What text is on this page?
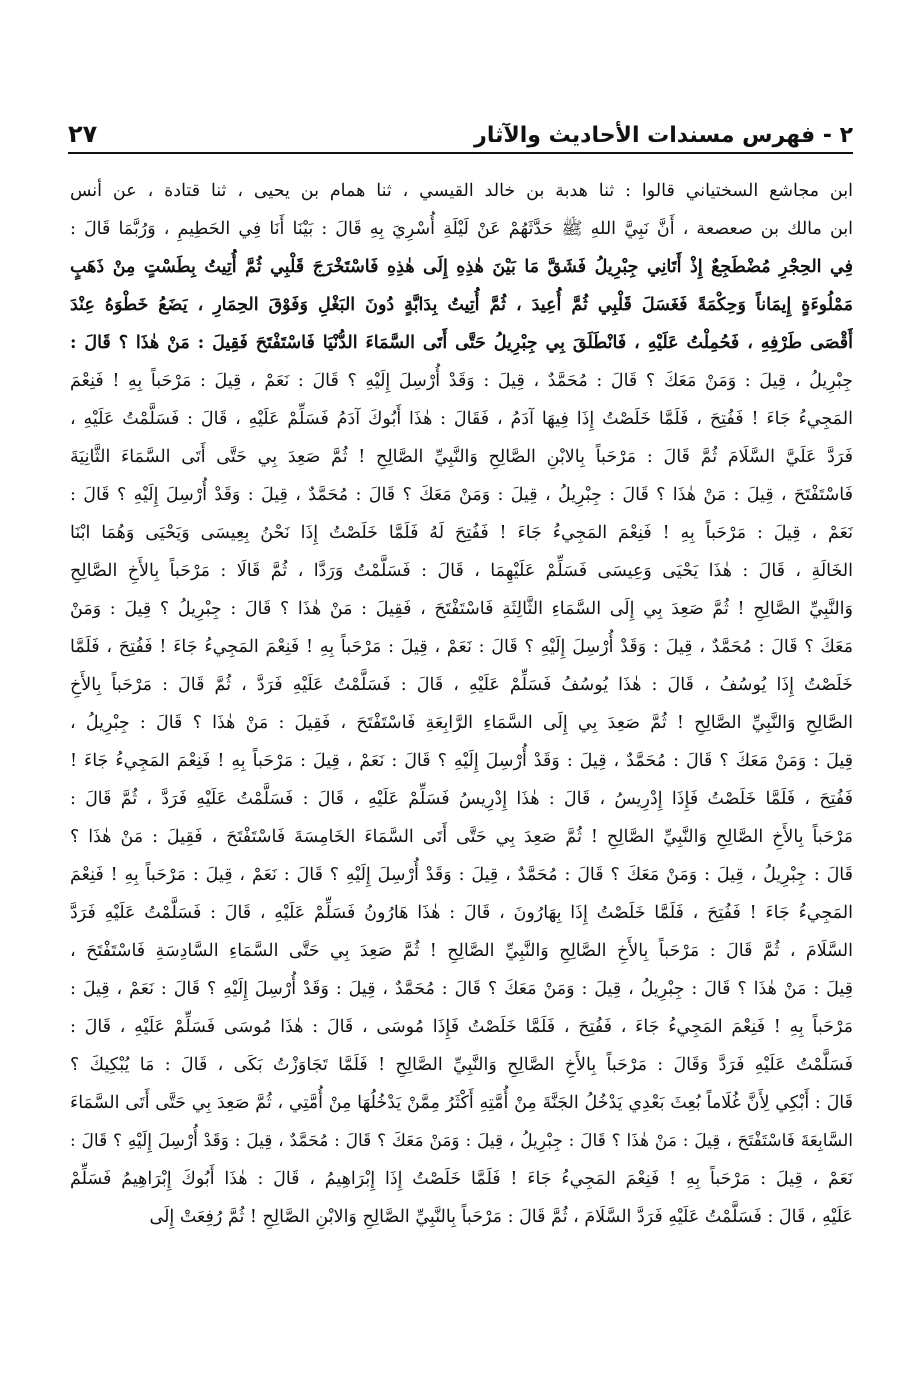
٢ - فهرس مسندات الأحاديث والآثار
٢٧
ابن مجاشع السختياني قالوا : ثنا هدبة بن خالد القيسي ، ثنا همام بن يحيى ، ثنا قتادة ، عن أنس
ابن مالك بن صعصعة ، أَنَّ نَبِيَّ اللهِ ﷺ حَدَّثَهُمْ عَنْ لَيْلَةِ أُسْرِيَ بِهِ قَالَ : بَيْنَا أَنَا فِي الحَطِيمِ ، وَرُبَّمَا قَالَ :
فِي الحِجْرِ مُضْطَجِعٌ إِذْ أَتَانِي جِبْرِيلُ فَشَقَّ مَا بَيْنَ هٰذِهِ إِلَى هٰذِهِ فَاسْتَخْرَجَ قَلْبِي ثُمَّ أُتِيتُ بِطَسْتٍ مِنْ ذَهَبٍ
مَمْلُوءَةٍ إِيمَاناً وَحِكْمَةً فَغَسَلَ قَلْبِي ثُمَّ أُعِيدَ ، ثُمَّ أُتِيتُ بِدَابَّةٍ دُونَ البَغْلِ وَفَوْقَ الحِمَارِ ، يَضَعُ خَطْوَهُ عِنْدَ
أَقْصَى طَرْفِهِ ، فَحُمِلْتُ عَلَيْهِ ، فَانْطَلَقَ بِي جِبْرِيلُ حَتَّى أَتَى السَّمَاءَ الدُّنْيَا فَاسْتَفْتَحَ فَقِيلَ : مَنْ هٰذَا ؟ قَالَ :
جِبْرِيلُ ، قِيلَ : وَمَنْ مَعَكَ ؟ قَالَ : مُحَمَّدٌ ، قِيلَ : وَقَدْ أُرْسِلَ إِلَيْهِ ؟ قَالَ : نَعَمْ ، قِيلَ : مَرْحَباً بِهِ ! فَنِعْمَ
المَجِيءُ جَاءَ ! فَفُتِحَ ، فَلَمَّا خَلَصْتُ إِذَا فِيهَا آدَمُ ، فَقَالَ : هٰذَا أَبُوكَ آدَمُ فَسَلِّمْ عَلَيْهِ ، قَالَ : فَسَلَّمْتُ عَلَيْهِ ،
فَرَدَّ عَلَيَّ السَّلَامَ ثُمَّ قَالَ : مَرْحَباً بِالابْنِ الصَّالِحِ وَالنَّبِيِّ الصَّالِحِ ! ثُمَّ صَعِدَ بِي حَتَّى أَتَى السَّمَاءَ الثَّانِيَةَ
فَاسْتَفْتَحَ ، قِيلَ : مَنْ هٰذَا ؟ قَالَ : جِبْرِيلُ ، قِيلَ : وَمَنْ مَعَكَ ؟ قَالَ : مُحَمَّدٌ ، قِيلَ : وَقَدْ أُرْسِلَ إِلَيْهِ ؟ قَالَ :
نَعَمْ ، قِيلَ : مَرْحَباً بِهِ ! فَنِعْمَ المَجِيءُ جَاءَ ! فَفُتِحَ لَهُ فَلَمَّا خَلَصْتُ إِذَا نَحْنُ بِعِيسَى وَيَحْيَى وَهُمَا ابْنَا
الخَالَةِ ، قَالَ : هٰذَا يَحْيَى وَعِيسَى فَسَلِّمْ عَلَيْهِمَا ، قَالَ : فَسَلَّمْتُ وَرَدَّا ، ثُمَّ قَالَا : مَرْحَباً بِالأَخِ الصَّالِحِ
وَالنَّبِيِّ الصَّالِحِ ! ثُمَّ صَعِدَ بِي إِلَى السَّمَاءِ الثَّالِثَةِ فَاسْتَفْتَحَ ، فَقِيلَ : مَنْ هٰذَا ؟ قَالَ : جِبْرِيلُ ؟ قِيلَ : وَمَنْ
مَعَكَ ؟ قَالَ : مُحَمَّدٌ ، قِيلَ : وَقَدْ أُرْسِلَ إِلَيْهِ ؟ قَالَ : نَعَمْ ، قِيلَ : مَرْحَباً بِهِ ! فَنِعْمَ المَجِيءُ جَاءَ ! فَفُتِحَ ، فَلَمَّا
خَلَصْتُ إِذَا يُوسُفُ ، قَالَ : هٰذَا يُوسُفُ فَسَلِّمْ عَلَيْهِ ، قَالَ : فَسَلَّمْتُ عَلَيْهِ فَرَدَّ ، ثُمَّ قَالَ : مَرْحَباً بِالأَخِ
الصَّالِحِ وَالنَّبِيِّ الصَّالِحِ ! ثُمَّ صَعِدَ بِي إِلَى السَّمَاءِ الرَّابِعَةِ فَاسْتَفْتَحَ ، فَقِيلَ : مَنْ هٰذَا ؟ قَالَ : جِبْرِيلُ ،
قِيلَ : وَمَنْ مَعَكَ ؟ قَالَ : مُحَمَّدٌ ، قِيلَ : وَقَدْ أُرْسِلَ إِلَيْهِ ؟ قَالَ : نَعَمْ ، قِيلَ : مَرْحَباً بِهِ ! فَنِعْمَ المَجِيءُ جَاءَ !
فَفُتِحَ ، فَلَمَّا خَلَصْتُ فَإِذَا إِدْرِيسُ ، قَالَ : هٰذَا إِدْرِيسُ فَسَلِّمْ عَلَيْهِ ، قَالَ : فَسَلَّمْتُ عَلَيْهِ فَرَدَّ ، ثُمَّ قَالَ :
مَرْحَباً بِالأَخِ الصَّالِحِ وَالنَّبِيِّ الصَّالِحِ ! ثُمَّ صَعِدَ بِي حَتَّى أَتَى السَّمَاءَ الخَامِسَةَ فَاسْتَفْتَحَ ، فَقِيلَ : مَنْ هٰذَا ؟
قَالَ : جِبْرِيلُ ، قِيلَ : وَمَنْ مَعَكَ ؟ قَالَ : مُحَمَّدٌ ، قِيلَ : وَقَدْ أُرْسِلَ إِلَيْهِ ؟ قَالَ : نَعَمْ ، قِيلَ : مَرْحَباً بِهِ ! فَنِعْمَ
المَجِيءُ جَاءَ ! فَفُتِحَ ، فَلَمَّا خَلَصْتُ إِذَا بِهَارُونَ ، قَالَ : هٰذَا هَارُونُ فَسَلِّمْ عَلَيْهِ ، قَالَ : فَسَلَّمْتُ عَلَيْهِ فَرَدَّ
السَّلَامَ ، ثُمَّ قَالَ : مَرْحَباً بِالأَخِ الصَّالِحِ وَالنَّبِيِّ الصَّالِحِ ! ثُمَّ صَعِدَ بِي حَتَّى السَّمَاءِ السَّادِسَةِ فَاسْتَفْتَحَ ،
قِيلَ : مَنْ هٰذَا ؟ قَالَ : جِبْرِيلُ ، قِيلَ : وَمَنْ مَعَكَ ؟ قَالَ : مُحَمَّدٌ ، قِيلَ : وَقَدْ أُرْسِلَ إِلَيْهِ ؟ قَالَ : نَعَمْ ، قِيلَ :
مَرْحَباً بِهِ ! فَنِعْمَ المَجِيءُ جَاءَ ، فَفُتِحَ ، فَلَمَّا خَلَصْتُ فَإِذَا مُوسَى ، قَالَ : هٰذَا مُوسَى فَسَلِّمْ عَلَيْهِ ، قَالَ :
فَسَلَّمْتُ عَلَيْهِ فَرَدَّ وَقَالَ : مَرْحَباً بِالأَخِ الصَّالِحِ وَالنَّبِيِّ الصَّالِحِ ! فَلَمَّا تَجَاوَزْتُ بَكَى ، قَالَ : مَا يُبْكِيكَ ؟
قَالَ : أَبْكِي لِأَنَّ غُلَاماً بُعِثَ بَعْدِي يَدْخُلُ الجَنَّةَ مِنْ أُمَّتِهِ أَكْثَرُ مِمَّنْ يَدْخُلُهَا مِنْ أُمَّتِي ، ثُمَّ صَعِدَ بِي حَتَّى أَتَى السَّمَاءَ
السَّابِعَةَ فَاسْتَفْتَحَ ، قِيلَ : مَنْ هٰذَا ؟ قَالَ : جِبْرِيلُ ، قِيلَ : وَمَنْ مَعَكَ ؟ قَالَ : مُحَمَّدٌ ، قِيلَ : وَقَدْ أُرْسِلَ إِلَيْهِ ؟ قَالَ :
نَعَمْ ، قِيلَ : مَرْحَباً بِهِ ! فَنِعْمَ المَجِيءُ جَاءَ ! فَلَمَّا خَلَصْتُ إِذَا إِبْرَاهِيمُ ، قَالَ : هٰذَا أَبُوكَ إِبْرَاهِيمُ فَسَلِّمْ
عَلَيْهِ ، قَالَ : فَسَلَّمْتُ عَلَيْهِ فَرَدَّ السَّلَامَ ، ثُمَّ قَالَ : مَرْحَباً بِالنَّبِيِّ الصَّالِحِ وَالابْنِ الصَّالِحِ ! ثُمَّ رُفِعَتْ إِلَى
